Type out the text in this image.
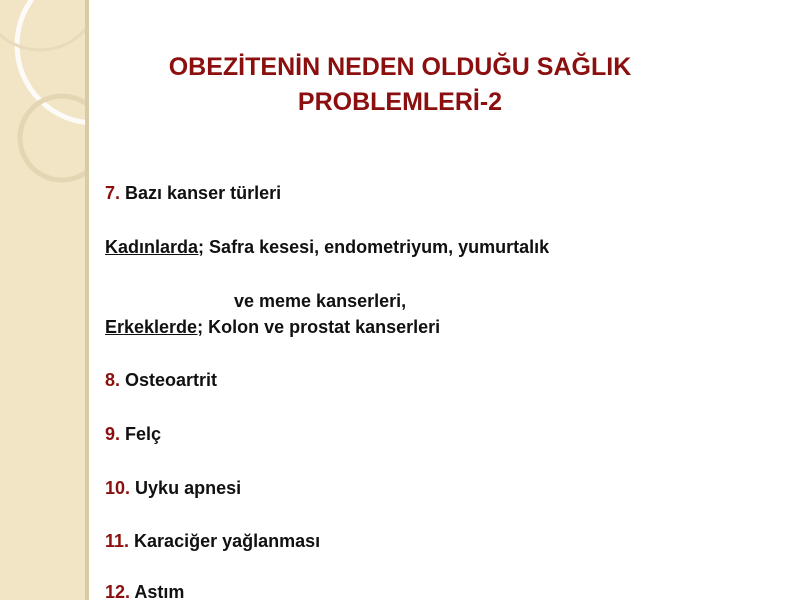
OBEZİTENİN NEDEN OLDUĞU SAĞLIK
PROBLEMLERİ-2
7. Bazı kanser türleri
Kadınlarda; Safra kesesi, endometriyum, yumurtalık
ve meme kanserleri,
Erkeklerde; Kolon ve prostat kanserleri
8. Osteoartrit
9. Felç
10. Uyku apnesi
11. Karaciğer yağlanması
12. Astım
